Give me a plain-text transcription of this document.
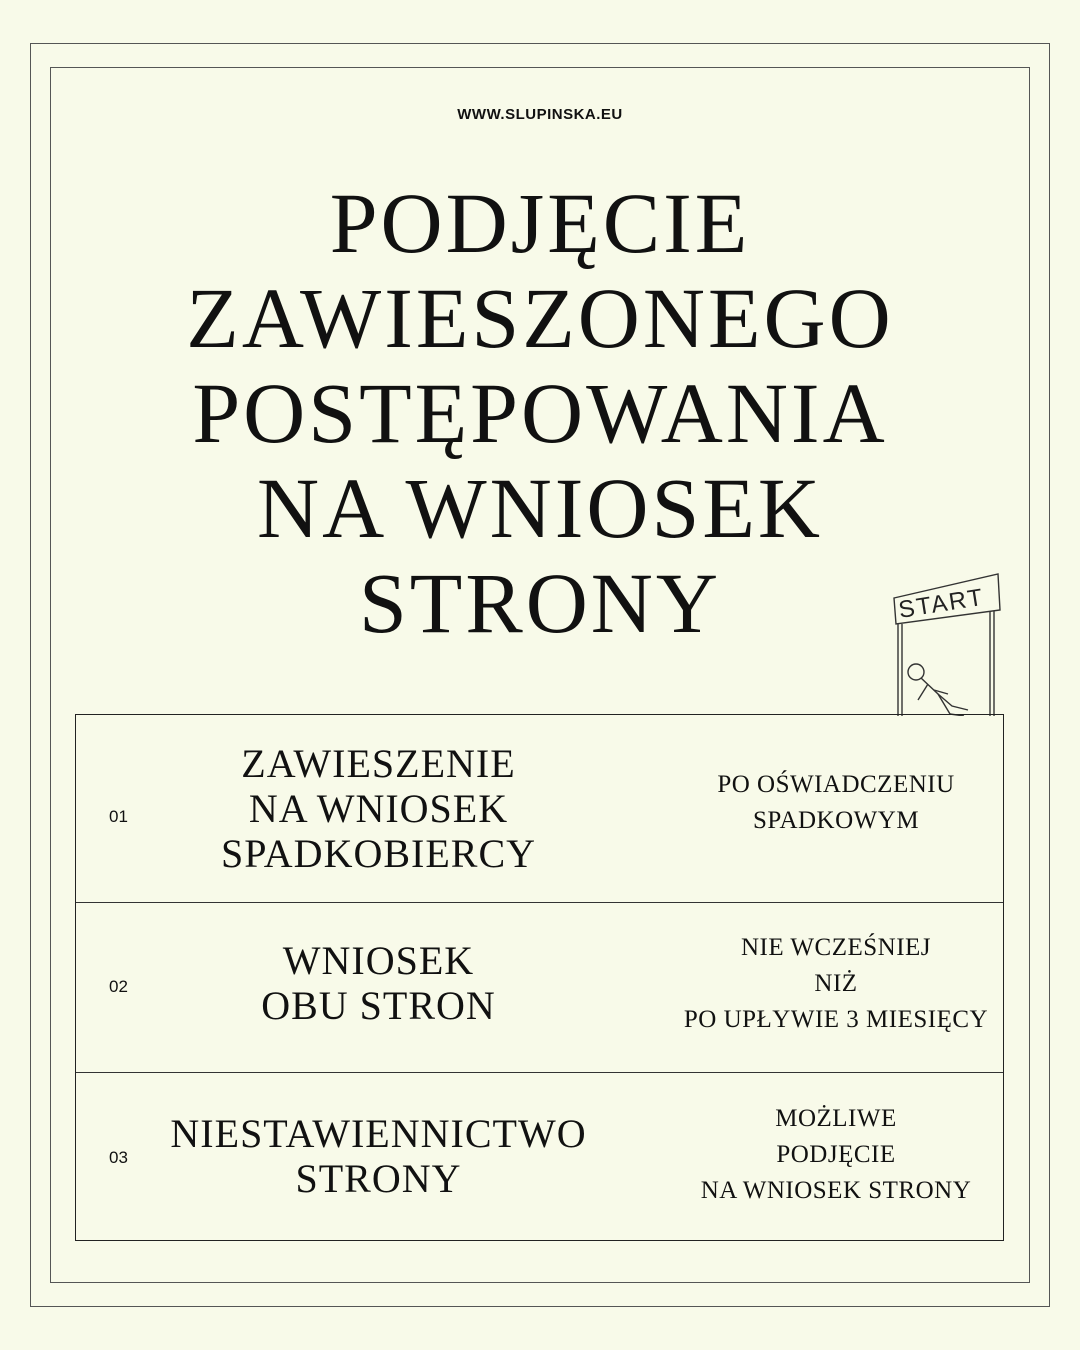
WWW.SLUPINSKA.EU
PODJĘCIE
ZAWIESZONEGO
POSTĘPOWANIA
NA WNIOSEK
STRONY	START
01
ZAWIESZENIE
NA WNIOSEK
SPADKOBIERCY
PO OŚWIADCZENIU
SPADKOWYM
02
WNIOSEK
OBU STRON
NIE WCZEŚNIEJ
NIŻ
PO UPŁYWIE 3 MIESIĘCY
03
NIESTAWIENNICTWO
STRONY
MOŻLIWE
PODJĘCIE
NA WNIOSEK STRONY
